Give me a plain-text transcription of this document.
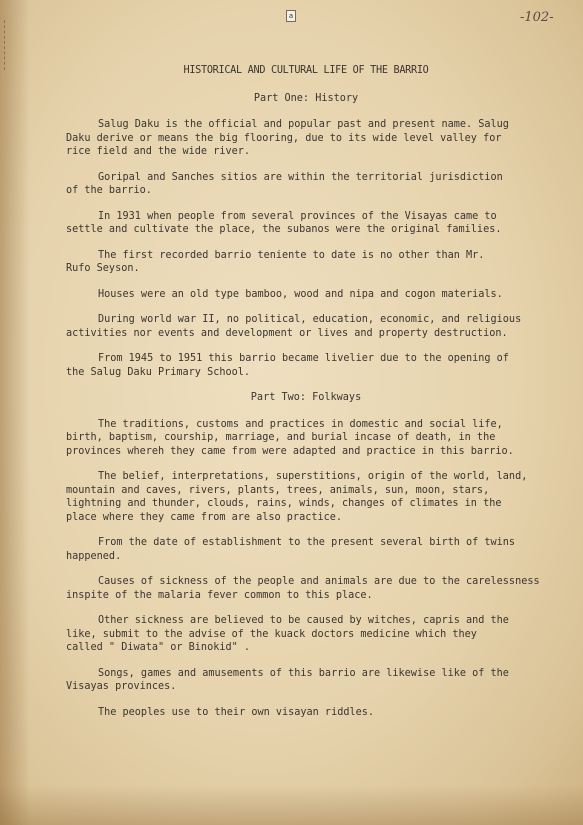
a	-102-
HISTORICAL AND CULTURAL LIFE OF THE BARRIO
Part One: History

Salug Daku is the official and popular past and present name. Salug
Daku derive or means the big flooring, due to its wide level valley for
rice field and the wide river.

Goripal and Sanches sitios are within the territorial jurisdiction
of the barrio.

In 1931 when people from several provinces of the Visayas came to
settle and cultivate the place, the subanos were the original families.

The first recorded barrio teniente to date is no other than Mr.
Rufo Seyson.

Houses were an old type bamboo, wood and nipa and cogon materials.

During world war II, no political, education, economic, and religious
activities nor events and development or lives and property destruction.

From 1945 to 1951 this barrio became livelier due to the opening of
the Salug Daku Primary School.

Part Two: Folkways

The traditions, customs and practices in domestic and social life,
birth, baptism, courship, marriage, and burial incase of death, in the
provinces whereh they came from were adapted and practice in this barrio.

The belief, interpretations, superstitions, origin of the world, land,
mountain and caves, rivers, plants, trees, animals, sun, moon, stars,
lightning and thunder, clouds, rains, winds, changes of climates in the
place where they came from are also practice.

From the date of establishment to the present several birth of twins
happened.

Causes of sickness of the people and animals are due to the carelessness
inspite of the malaria fever common to this place.

Other sickness are believed to be caused by witches, capris and the
like, submit to the advise of the kuack doctors medicine which they
called " Diwata" or Binokid" .

Songs, games and amusements of this barrio are likewise like of the
Visayas provinces.

The peoples use to their own visayan riddles.
